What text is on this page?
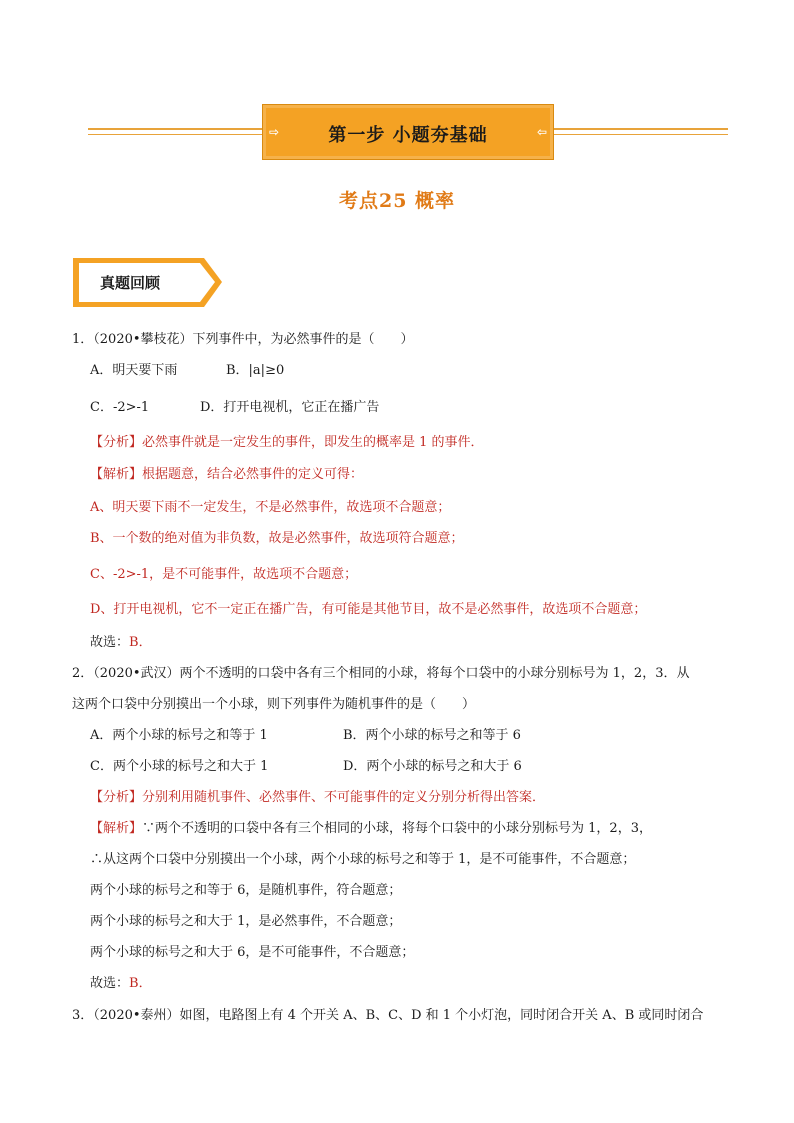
⇨	第一步 小题夯基础	⇦
考点25 概率
真题回顾
1．（2020•攀枝花）下列事件中，为必然事件的是（　　）
A．明天要下雨	B．|a|≥0
C．-2>-1	D．打开电视机，它正在播广告
【分析】必然事件就是一定发生的事件，即发生的概率是 1 的事件．
【解析】根据题意，结合必然事件的定义可得：
A、明天要下雨不一定发生，不是必然事件，故选项不合题意；
B、一个数的绝对值为非负数，故是必然事件，故选项符合题意；
C、-2>-1，是不可能事件，故选项不合题意；
D、打开电视机，它不一定正在播广告，有可能是其他节目，故不是必然事件，故选项不合题意；
故选：B．
2．（2020•武汉）两个不透明的口袋中各有三个相同的小球，将每个口袋中的小球分别标号为 1，2，3．从
这两个口袋中分别摸出一个小球，则下列事件为随机事件的是（　　）
A．两个小球的标号之和等于 1	B．两个小球的标号之和等于 6
C．两个小球的标号之和大于 1	D．两个小球的标号之和大于 6
【分析】分别利用随机事件、必然事件、不可能事件的定义分别分析得出答案．
【解析】∵两个不透明的口袋中各有三个相同的小球，将每个口袋中的小球分别标号为 1，2，3，
∴从这两个口袋中分别摸出一个小球，两个小球的标号之和等于 1，是不可能事件，不合题意；
两个小球的标号之和等于 6，是随机事件，符合题意；
两个小球的标号之和大于 1，是必然事件，不合题意；
两个小球的标号之和大于 6，是不可能事件，不合题意；
故选：B．
3．（2020•泰州）如图，电路图上有 4 个开关 A、B、C、D 和 1 个小灯泡，同时闭合开关 A、B 或同时闭合
